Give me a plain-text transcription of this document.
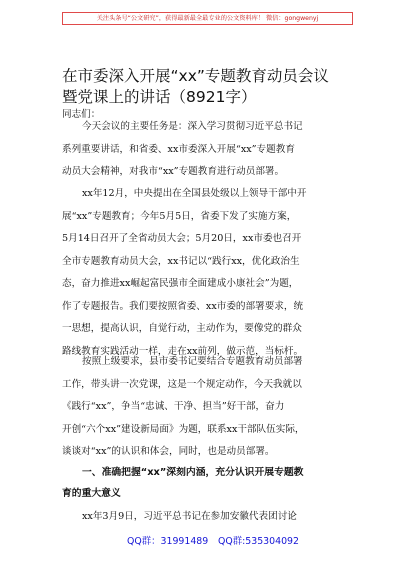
关注头条号“公文研究”，获得最新最全最专业的公文资料库！ 微信：gongwenyj
在市委深入开展“xx”专题教育动员会议
暨党课上的讲话（8921字）
同志们：
今天会议的主要任务是：深入学习贯彻习近平总书记
系列重要讲话，和省委、xx市委深入开展“xx”专题教育
动员大会精神，对我市“xx”专题教育进行动员部署。
xx年12月，中央提出在全国县处级以上领导干部中开
展“xx”专题教育；今年5月5日，省委下发了实施方案，
5月14日召开了全省动员大会；5月20日，xx市委也召开
全市专题教育动员大会，xx书记以“践行xx，优化政治生
态，奋力推进xx崛起富民强市全面建成小康社会”为题，
作了专题报告。我们要按照省委、xx市委的部署要求，统
一思想，提高认识，自觉行动，主动作为，要像党的群众
路线教育实践活动一样，走在xx前列，做示范，当标杆。
按照上级要求，县市委书记要结合专题教育动员部署
工作，带头讲一次党课，这是一个规定动作，今天我就以
《践行“xx”，争当“忠诚、干净、担当”好干部，奋力
开创“六个xx”建设新局面》为题，联系xx干部队伍实际，
谈谈对“xx”的认识和体会，同时，也是动员部署。
一、准确把握“xx”深刻内涵，充分认识开展专题教
育的重大意义
xx年3月9日，习近平总书记在参加安徽代表团讨论
QQ群：31991489 QQ群:535304092
